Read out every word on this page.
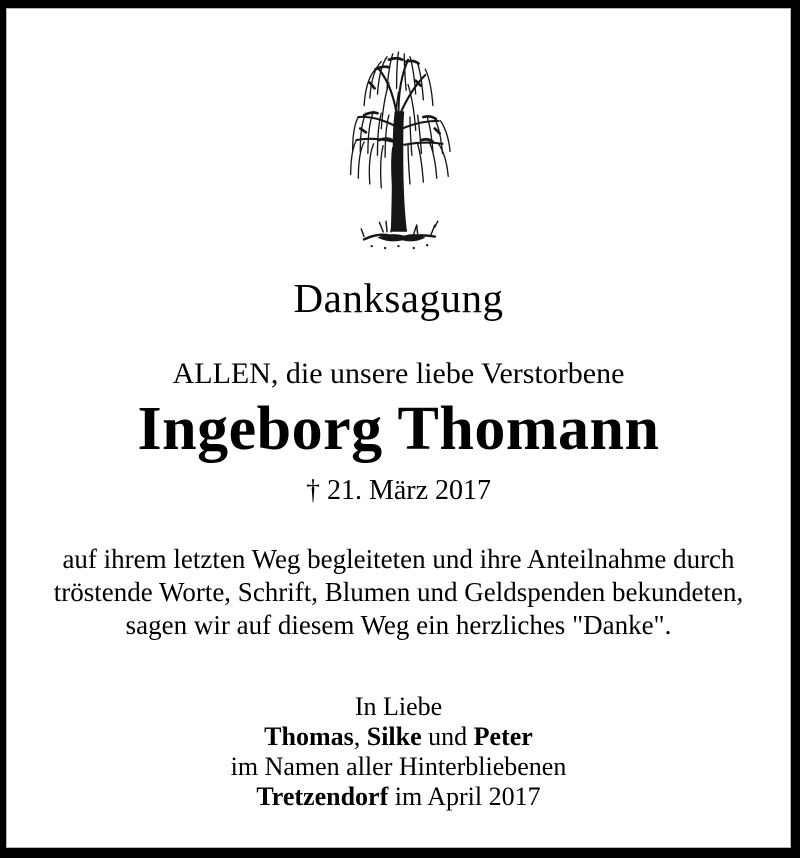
Danksagung
ALLEN, die unsere liebe Verstorbene
Ingeborg Thomann
† 21. März 2017
auf ihrem letzten Weg begleiteten und ihre Anteilnahme durch
tröstende Worte, Schrift, Blumen und Geldspenden bekundeten,
sagen wir auf diesem Weg ein herzliches "Danke".
In Liebe
Thomas, Silke und Peter
im Namen aller Hinterbliebenen
Tretzendorf im April 2017
